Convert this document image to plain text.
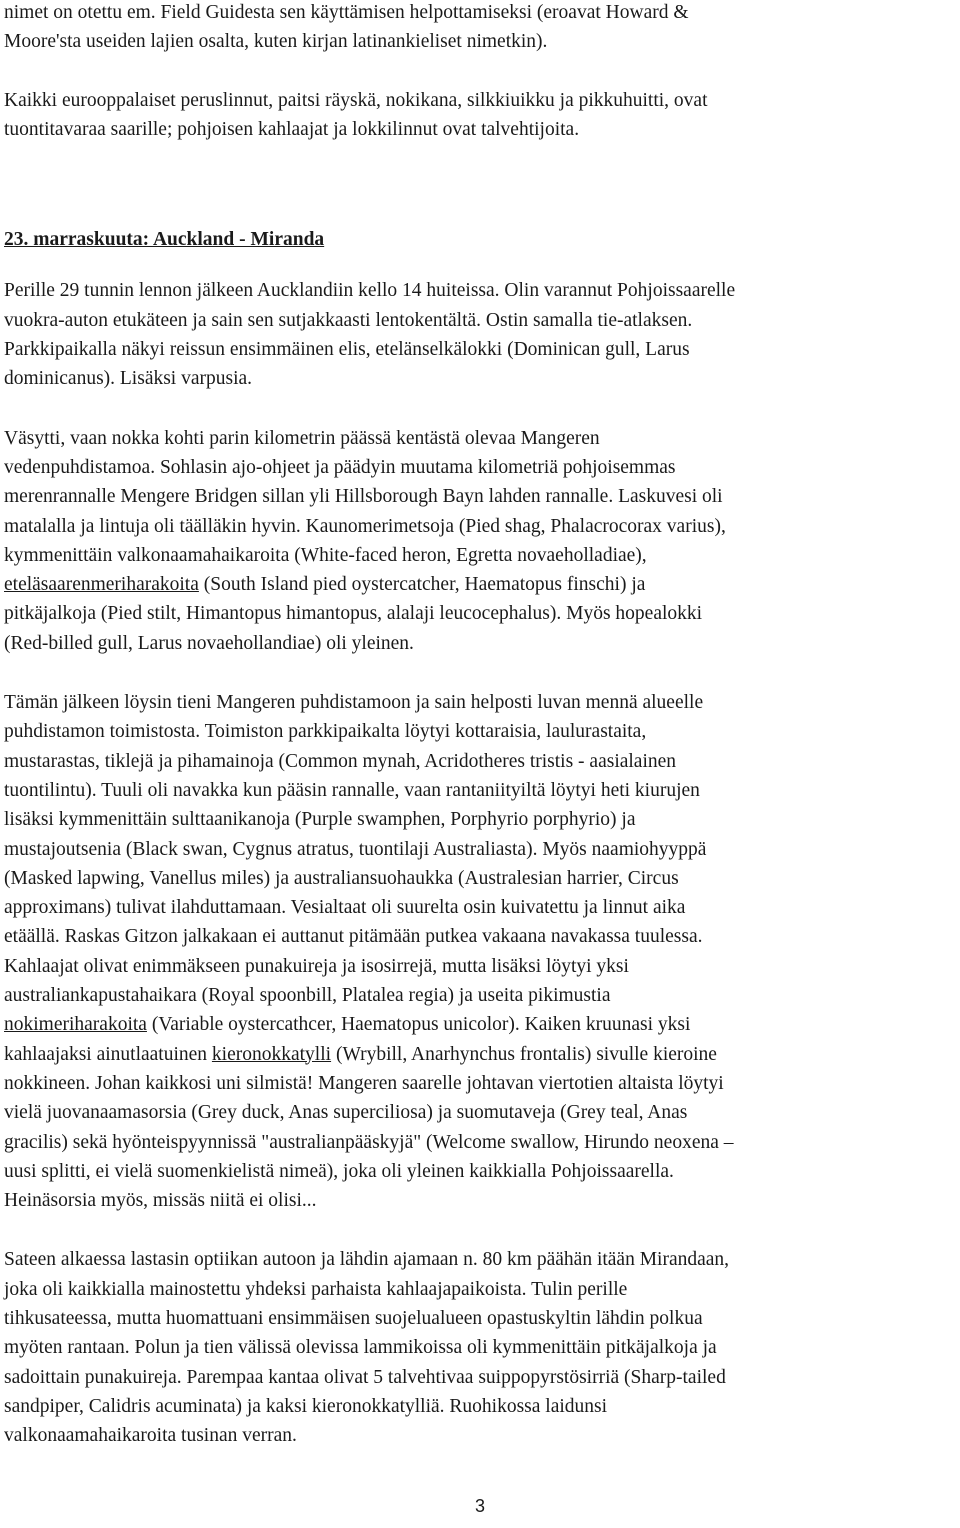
nimet on otettu em. Field Guidesta sen käyttämisen helpottamiseksi (eroavat Howard &
Moore'sta useiden lajien osalta, kuten kirjan latinankieliset nimetkin).

Kaikki eurooppalaiset peruslinnut, paitsi räyskä, nokikana, silkkiuikku ja pikkuhuitti, ovat
tuontitavaraa saarille; pohjoisen kahlaajat ja lokkilinnut ovat talvehtijoita.

23. marraskuuta: Auckland - Miranda

Perille 29 tunnin lennon jälkeen Aucklandiin kello 14 huiteissa. Olin varannut Pohjoissaarelle
vuokra-auton etukäteen ja sain sen sutjakkaasti lentokentältä. Ostin samalla tie-atlaksen.
Parkkipaikalla näkyi reissun ensimmäinen elis, etelänselkälokki (Dominican gull, Larus
dominicanus). Lisäksi varpusia.

Väsytti, vaan nokka kohti parin kilometrin päässä kentästä olevaa Mangeren
vedenpuhdistamoa. Sohlasin ajo-ohjeet ja päädyin muutama kilometriä pohjoisemmas
merenrannalle Mengere Bridgen sillan yli Hillsborough Bayn lahden rannalle. Laskuvesi oli
matalalla ja lintuja oli täälläkin hyvin. Kaunomerimetsoja (Pied shag, Phalacrocorax varius),
kymmenittäin valkonaamahaikaroita (White-faced heron, Egretta novaeholladiae),
eteläsaarenmeriharakoita (South Island pied oystercatcher, Haematopus finschi) ja
pitkäjalkoja (Pied stilt, Himantopus himantopus, alalaji leucocephalus). Myös hopealokki
(Red-billed gull, Larus novaehollandiae) oli yleinen.

Tämän jälkeen löysin tieni Mangeren puhdistamoon ja sain helposti luvan mennä alueelle
puhdistamon toimistosta. Toimiston parkkipaikalta löytyi kottaraisia, laulurastaita,
mustarastas, tiklejä ja pihamainoja (Common mynah, Acridotheres tristis - aasialainen
tuontilintu). Tuuli oli navakka kun pääsin rannalle, vaan rantaniityiltä löytyi heti kiurujen
lisäksi kymmenittäin sulttaanikanoja (Purple swamphen, Porphyrio porphyrio) ja
mustajoutsenia (Black swan, Cygnus atratus, tuontilaji Australiasta). Myös naamiohyyppä
(Masked lapwing, Vanellus miles) ja australiansuohaukka (Australesian harrier, Circus
approximans) tulivat ilahduttamaan. Vesialtaat oli suurelta osin kuivatettu ja linnut aika
etäällä. Raskas Gitzon jalkakaan ei auttanut pitämään putkea vakaana navakassa tuulessa.
Kahlaajat olivat enimmäkseen punakuireja ja isosirrejä, mutta lisäksi löytyi yksi
australiankapustahaikara (Royal spoonbill, Platalea regia) ja useita pikimustia
nokimeriharakoita (Variable oystercathcer, Haematopus unicolor). Kaiken kruunasi yksi
kahlaajaksi ainutlaatuinen kieronokkatylli (Wrybill, Anarhynchus frontalis) sivulle kieroine
nokkineen. Johan kaikkosi uni silmistä! Mangeren saarelle johtavan viertotien altaista löytyi
vielä juovanaamasorsia (Grey duck, Anas superciliosa) ja suomutaveja (Grey teal, Anas
gracilis) sekä hyönteispyynnissä "australianpääskyjä" (Welcome swallow, Hirundo neoxena –
uusi splitti, ei vielä suomenkielistä nimeä), joka oli yleinen kaikkialla Pohjoissaarella.
Heinäsorsia myös, missäs niitä ei olisi...

Sateen alkaessa lastasin optiikan autoon ja lähdin ajamaan n. 80 km päähän itään Mirandaan,
joka oli kaikkialla mainostettu yhdeksi parhaista kahlaajapaikoista. Tulin perille
tihkusateessa, mutta huomattuani ensimmäisen suojelualueen opastuskyltin lähdin polkua
myöten rantaan. Polun ja tien välissä olevissa lammikoissa oli kymmenittäin pitkäjalkoja ja
sadoittain punakuireja. Parempaa kantaa olivat 5 talvehtivaa suippopyrstösirriä (Sharp-tailed
sandpiper, Calidris acuminata) ja kaksi kieronokkatylliä. Ruohikossa laidunsi
valkonaamahaikaroita tusinan verran.

3
